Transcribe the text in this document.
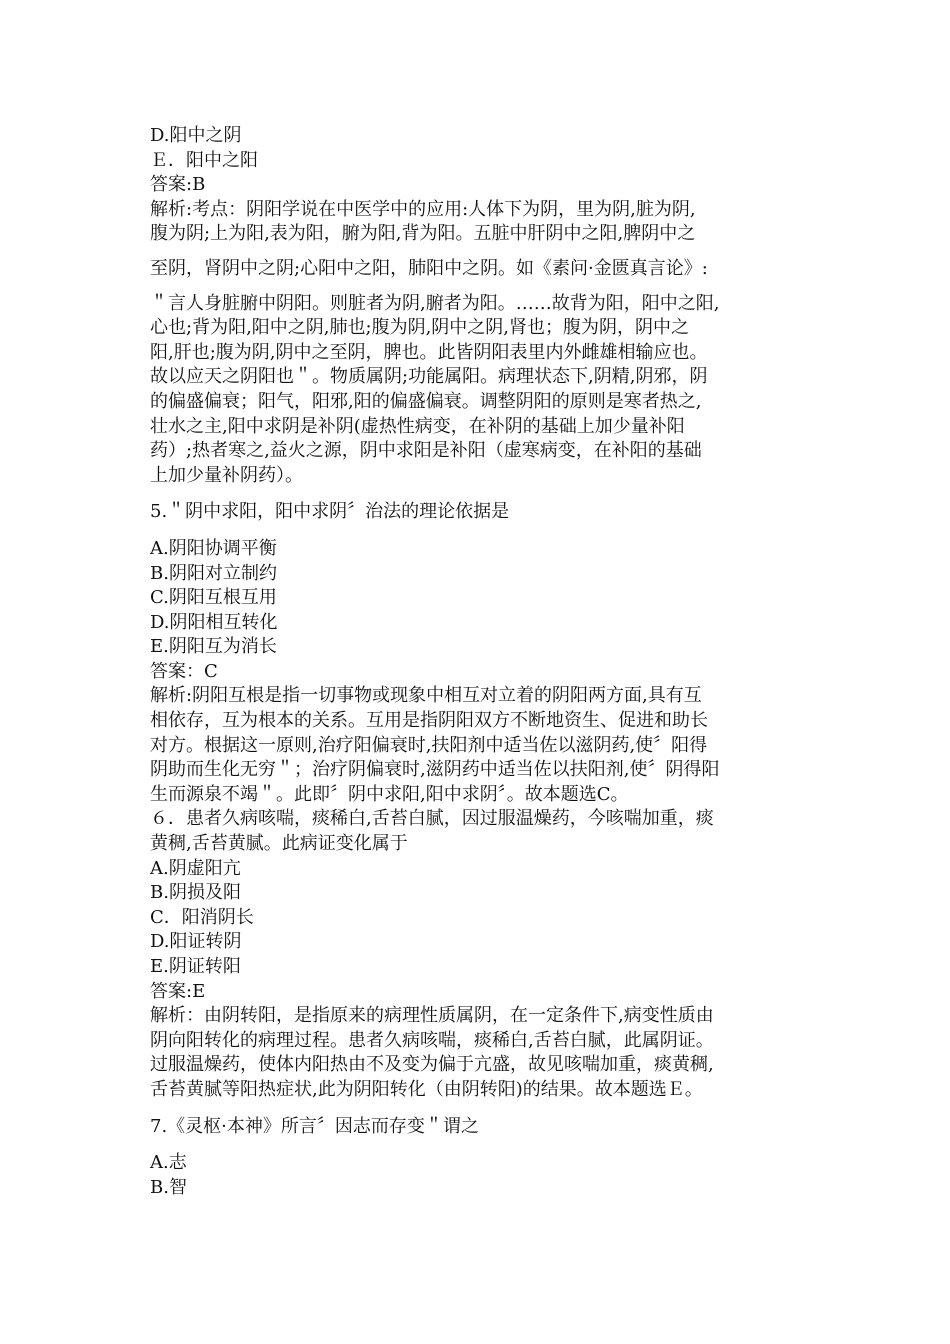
D.阳中之阴
Ｅ．阳中之阳
答案:B
解析:考点：阴阳学说在中医学中的应用:人体下为阴，里为阴,脏为阴,
腹为阴;上为阳,表为阳，腑为阳,背为阳。五脏中肝阴中之阳,脾阴中之
至阴，肾阴中之阴;心阳中之阳，肺阳中之阴。如《素问·金匮真言论》:
＂言人身脏腑中阴阳。则脏者为阴,腑者为阳。……故背为阳，阳中之阳,
心也;背为阳,阳中之阴,肺也;腹为阴,阴中之阴,肾也；腹为阴，阴中之
阳,肝也;腹为阴,阴中之至阴，脾也。此皆阴阳表里内外雌雄相输应也。
故以应天之阴阳也＂。物质属阴;功能属阳。病理状态下,阴精,阴邪，阴
的偏盛偏衰；阳气，阳邪,阳的偏盛偏衰。调整阴阳的原则是寒者热之,
壮水之主,阳中求阴是补阴(虚热性病变，在补阴的基础上加少量补阳
药）;热者寒之,益火之源，阴中求阳是补阳（虚寒病变，在补阳的基础
上加少量补阴药）。
5.＂阴中求阳，阳中求阴〞治法的理论依据是
A.阴阳协调平衡
B.阴阳对立制约
C.阴阳互根互用
D.阴阳相互转化
E.阴阳互为消长
答案：C
解析:阴阳互根是指一切事物或现象中相互对立着的阴阳两方面,具有互
相依存，互为根本的关系。互用是指阴阳双方不断地资生、促进和助长
对方。根据这一原则,治疗阳偏衰时,扶阳剂中适当佐以滋阴药,使〞阳得
阴助而生化无穷＂；治疗阴偏衰时,滋阴药中适当佐以扶阳剂,使〞阴得阳
生而源泉不竭＂。此即〞阴中求阳,阳中求阴〞。故本题选C。
６．患者久病咳喘，痰稀白,舌苔白腻，因过服温燥药，今咳喘加重，痰
黄稠,舌苔黄腻。此病证变化属于
A.阴虚阳亢
B.阴损及阳
C．阳消阴长
D.阳证转阴
E.阴证转阳
答案:E
解析：由阴转阳，是指原来的病理性质属阴，在一定条件下,病变性质由
阴向阳转化的病理过程。患者久病咳喘，痰稀白,舌苔白腻，此属阴证。
过服温燥药，使体内阳热由不及变为偏于亢盛，故见咳喘加重，痰黄稠,
舌苔黄腻等阳热症状,此为阴阳转化（由阴转阳)的结果。故本题选Ｅ。
7.《灵枢·本神》所言〞因志而存变＂谓之
A.志
B.智
